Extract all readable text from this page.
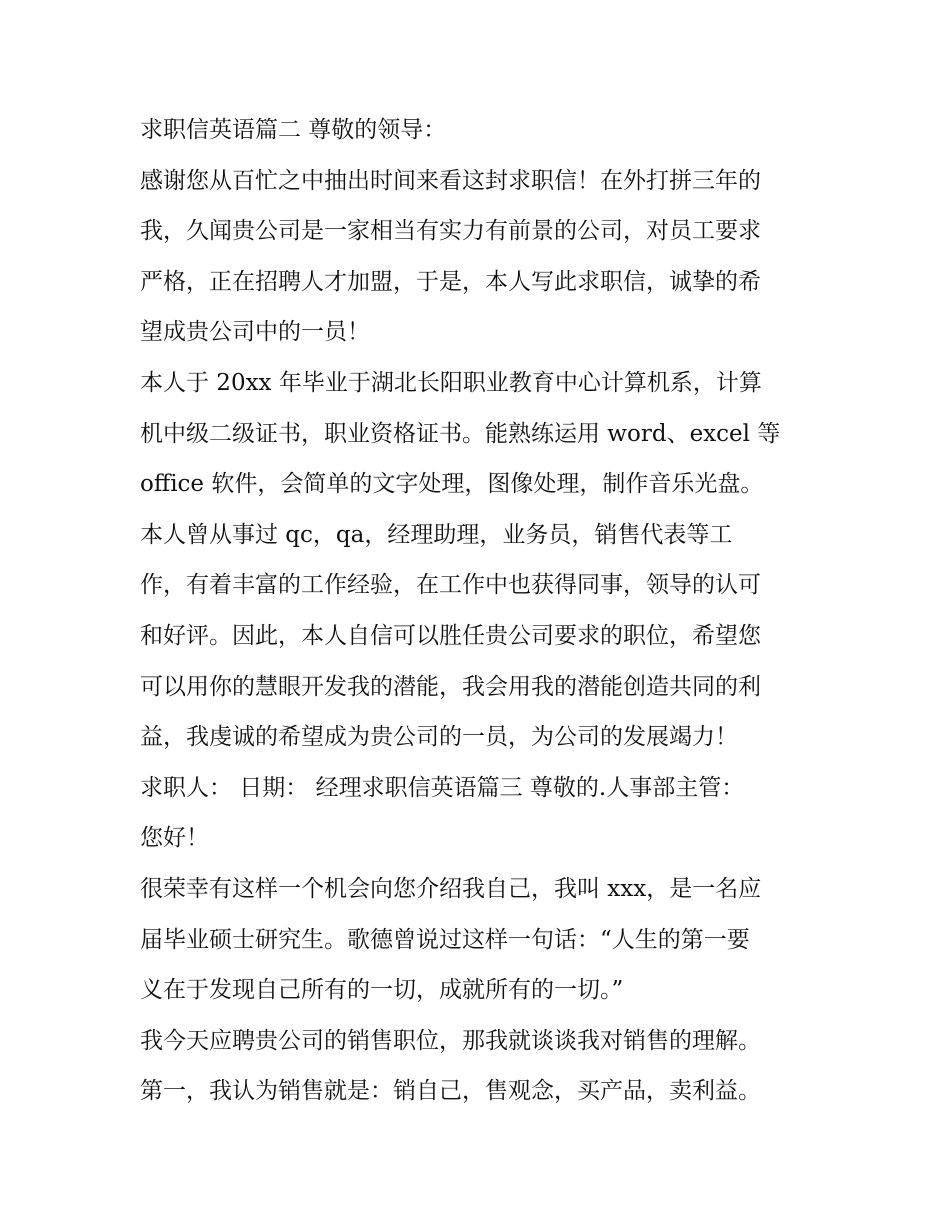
求职信英语篇二 尊敬的领导：
感谢您从百忙之中抽出时间来看这封求职信！在外打拼三年的
我，久闻贵公司是一家相当有实力有前景的公司，对员工要求
严格，正在招聘人才加盟，于是，本人写此求职信，诚挚的希
望成贵公司中的一员！
本人于 20xx 年毕业于湖北长阳职业教育中心计算机系，计算
机中级二级证书，职业资格证书。能熟练运用 word、excel 等
office 软件，会简单的文字处理，图像处理，制作音乐光盘。
本人曾从事过 qc，qa，经理助理，业务员，销售代表等工
作，有着丰富的工作经验，在工作中也获得同事，领导的认可
和好评。因此，本人自信可以胜任贵公司要求的职位，希望您
可以用你的慧眼开发我的潜能，我会用我的潜能创造共同的利
益，我虔诚的希望成为贵公司的一员，为公司的发展竭力！
求职人： 日期： 经理求职信英语篇三 尊敬的.人事部主管：
您好！
很荣幸有这样一个机会向您介绍我自己，我叫 xxx，是一名应
届毕业硕士研究生。歌德曾说过这样一句话：“人生的第一要
义在于发现自己所有的一切，成就所有的一切。”
我今天应聘贵公司的销售职位，那我就谈谈我对销售的理解。
第一，我认为销售就是：销自己，售观念，买产品，卖利益。
